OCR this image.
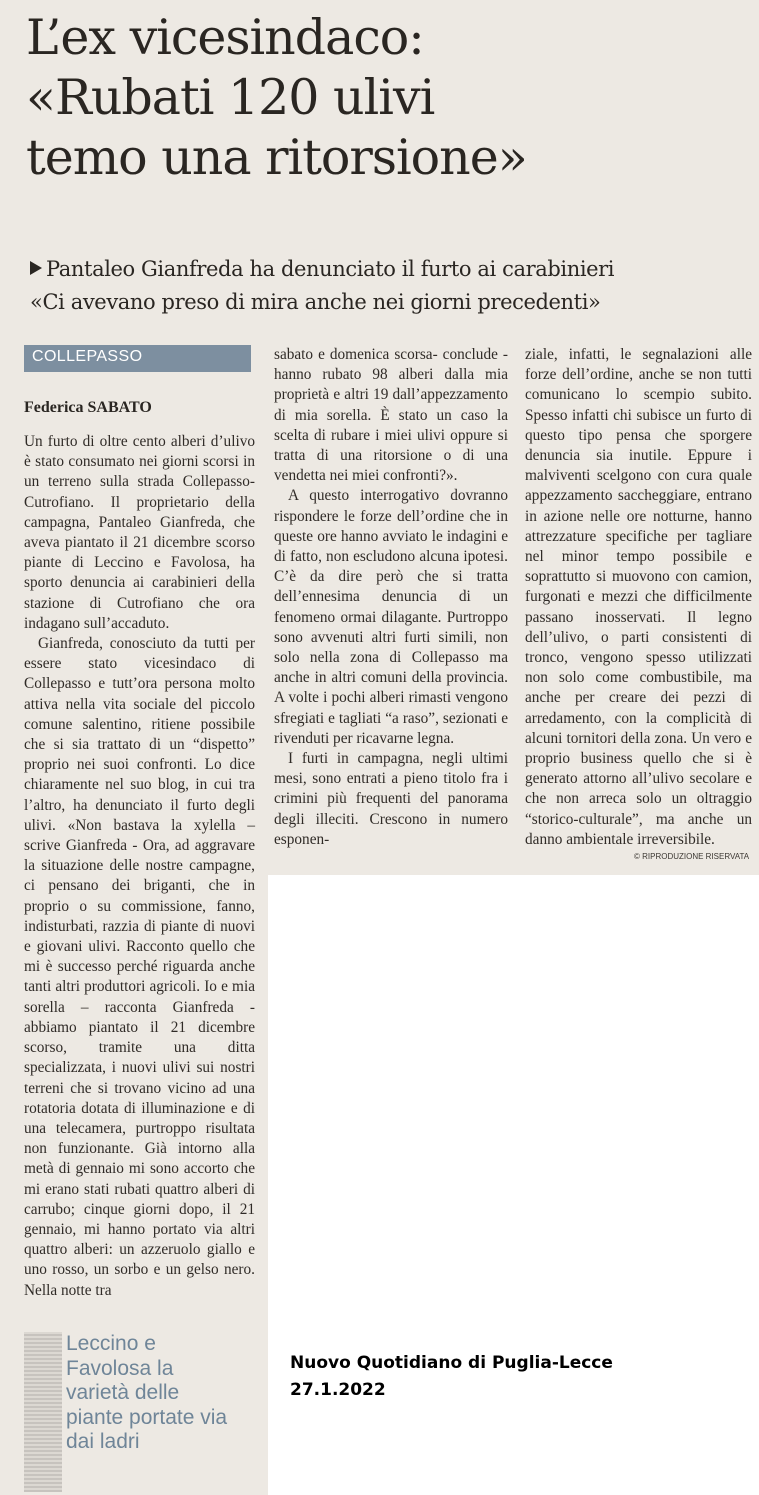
L’ex vicesindaco:
«Rubati 120 ulivi
temo una ritorsione»
Pantaleo Gianfreda ha denunciato il furto ai carabinieri
«Ci avevano preso di mira anche nei giorni precedenti»
COLLEPASSO
Federica SABATO

Un furto di oltre cento alberi d’ulivo è stato consumato nei giorni scorsi in un terreno sulla strada Collepasso-Cutrofiano. Il proprietario della campagna, Pantaleo Gianfreda, che aveva piantato il 21 dicembre scorso piante di Leccino e Favolosa, ha sporto denuncia ai carabinieri della stazione di Cutrofiano che ora indagano sull’accaduto.

Gianfreda, conosciuto da tutti per essere stato vicesindaco di Collepasso e tutt’ora persona molto attiva nella vita sociale del piccolo comune salentino, ritiene possibile che si sia trattato di un “dispetto” proprio nei suoi confronti. Lo dice chiaramente nel suo blog, in cui tra l’altro, ha denunciato il furto degli ulivi. «Non bastava la xylella – scrive Gianfreda - Ora, ad aggravare la situazione delle nostre campagne, ci pensano dei briganti, che in proprio o su commissione, fanno, indisturbati, razzia di piante di nuovi e giovani ulivi. Racconto quello che mi è successo perché riguarda anche tanti altri produttori agricoli. Io e mia sorella – racconta Gianfreda - abbiamo piantato il 21 dicembre scorso, tramite una ditta specializzata, i nuovi ulivi sui nostri terreni che si trovano vicino ad una rotatoria dotata di illuminazione e di una telecamera, purtroppo risultata non funzionante. Già intorno alla metà di gennaio mi sono accorto che mi erano stati rubati quattro alberi di carrubo; cinque giorni dopo, il 21 gennaio, mi hanno portato via altri quattro alberi: un azzeruolo giallo e uno rosso, un sorbo e un gelso nero. Nella notte tra

sabato e domenica scorsa- conclude - hanno rubato 98 alberi dalla mia proprietà e altri 19 dall’appezzamento di mia sorella. È stato un caso la scelta di rubare i miei ulivi oppure si tratta di una ritorsione o di una vendetta nei miei confronti?».

A questo interrogativo dovranno rispondere le forze dell’ordine che in queste ore hanno avviato le indagini e di fatto, non escludono alcuna ipotesi. C’è da dire però che si tratta dell’ennesima denuncia di un fenomeno ormai dilagante. Purtroppo sono avvenuti altri furti simili, non solo nella zona di Collepasso ma anche in altri comuni della provincia. A volte i pochi alberi rimasti vengono sfregiati e tagliati “a raso”, sezionati e rivenduti per ricavarne legna.

I furti in campagna, negli ultimi mesi, sono entrati a pieno titolo fra i crimini più frequenti del panorama degli illeciti. Crescono in numero esponen-

ziale, infatti, le segnalazioni alle forze dell’ordine, anche se non tutti comunicano lo scempio subito. Spesso infatti chi subisce un furto di questo tipo pensa che sporgere denuncia sia inutile. Eppure i malviventi scelgono con cura quale appezzamento saccheggiare, entrano in azione nelle ore notturne, hanno attrezzature specifiche per tagliare nel minor tempo possibile e soprattutto si muovono con camion, furgonati e mezzi che difficilmente passano inosservati. Il legno dell’ulivo, o parti consistenti di tronco, vengono spesso utilizzati non solo come combustibile, ma anche per creare dei pezzi di arredamento, con la complicità di alcuni tornitori della zona. Un vero e proprio business quello che si è generato attorno all’ulivo secolare e che non arreca solo un oltraggio “storico-culturale”, ma anche un danno ambientale irreversibile.

© RIPRODUZIONE RISERVATA

Leccino e Favolosa la varietà delle piante portate via dai ladri

Nuovo Quotidiano di Puglia-Lecce
27.1.2022
